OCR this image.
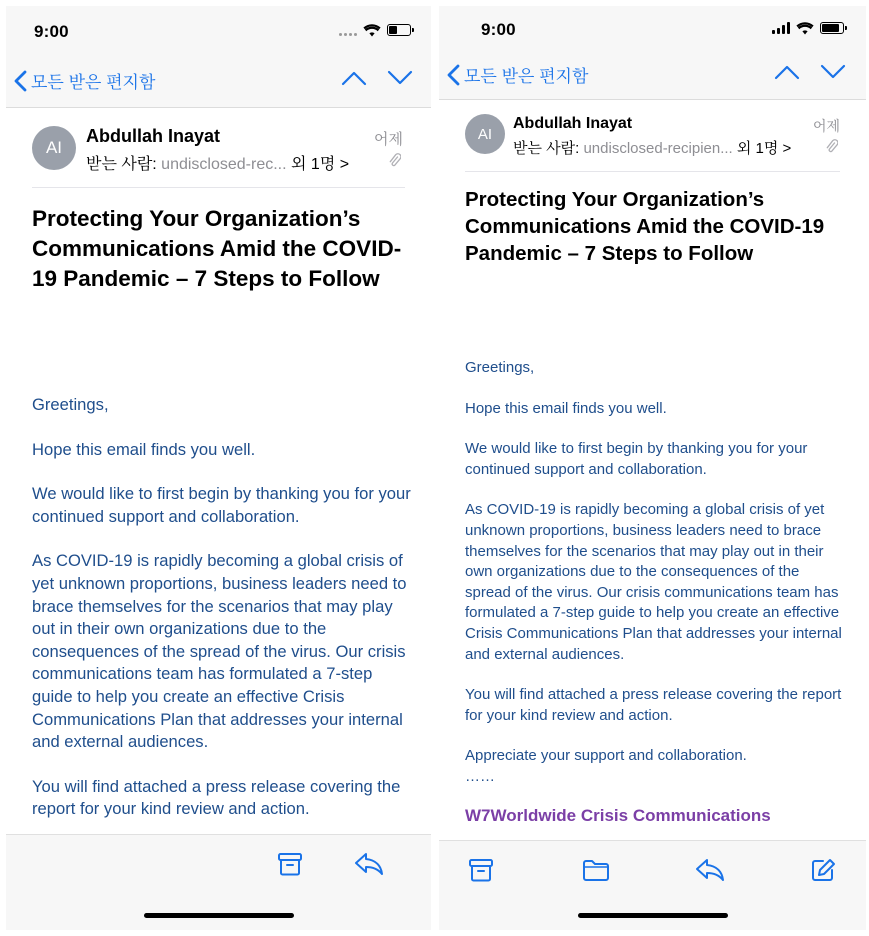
9:00
모든 받은 편지함
AI
Abdullah Inayat
받는 사람: undisclosed-rec... 외 1명 >
어제
Protecting Your Organization’s Communications Amid the COVID-19 Pandemic – 7 Steps to Follow

Greetings,

Hope this email finds you well.

We would like to first begin by thanking you for your continued support and collaboration.

As COVID-19 is rapidly becoming a global crisis of yet unknown proportions, business leaders need to brace themselves for the scenarios that may play out in their own organizations due to the consequences of the spread of the virus. Our crisis communications team has formulated a 7-step guide to help you create an effective Crisis Communications Plan that addresses your internal and external audiences.

You will find attached a press release covering the report for your kind review and action.

9:00
모든 받은 편지함
AI
Abdullah Inayat
받는 사람: undisclosed-recipien... 외 1명 >
어제
Protecting Your Organization’s Communications Amid the COVID-19 Pandemic – 7 Steps to Follow

Greetings,

Hope this email finds you well.

We would like to first begin by thanking you for your continued support and collaboration.

As COVID-19 is rapidly becoming a global crisis of yet unknown proportions, business leaders need to brace themselves for the scenarios that may play out in their own organizations due to the consequences of the spread of the virus. Our crisis communications team has formulated a 7-step guide to help you create an effective Crisis Communications Plan that addresses your internal and external audiences.

You will find attached a press release covering the report for your kind review and action.

Appreciate your support and collaboration.

……
W7Worldwide Crisis Communications
